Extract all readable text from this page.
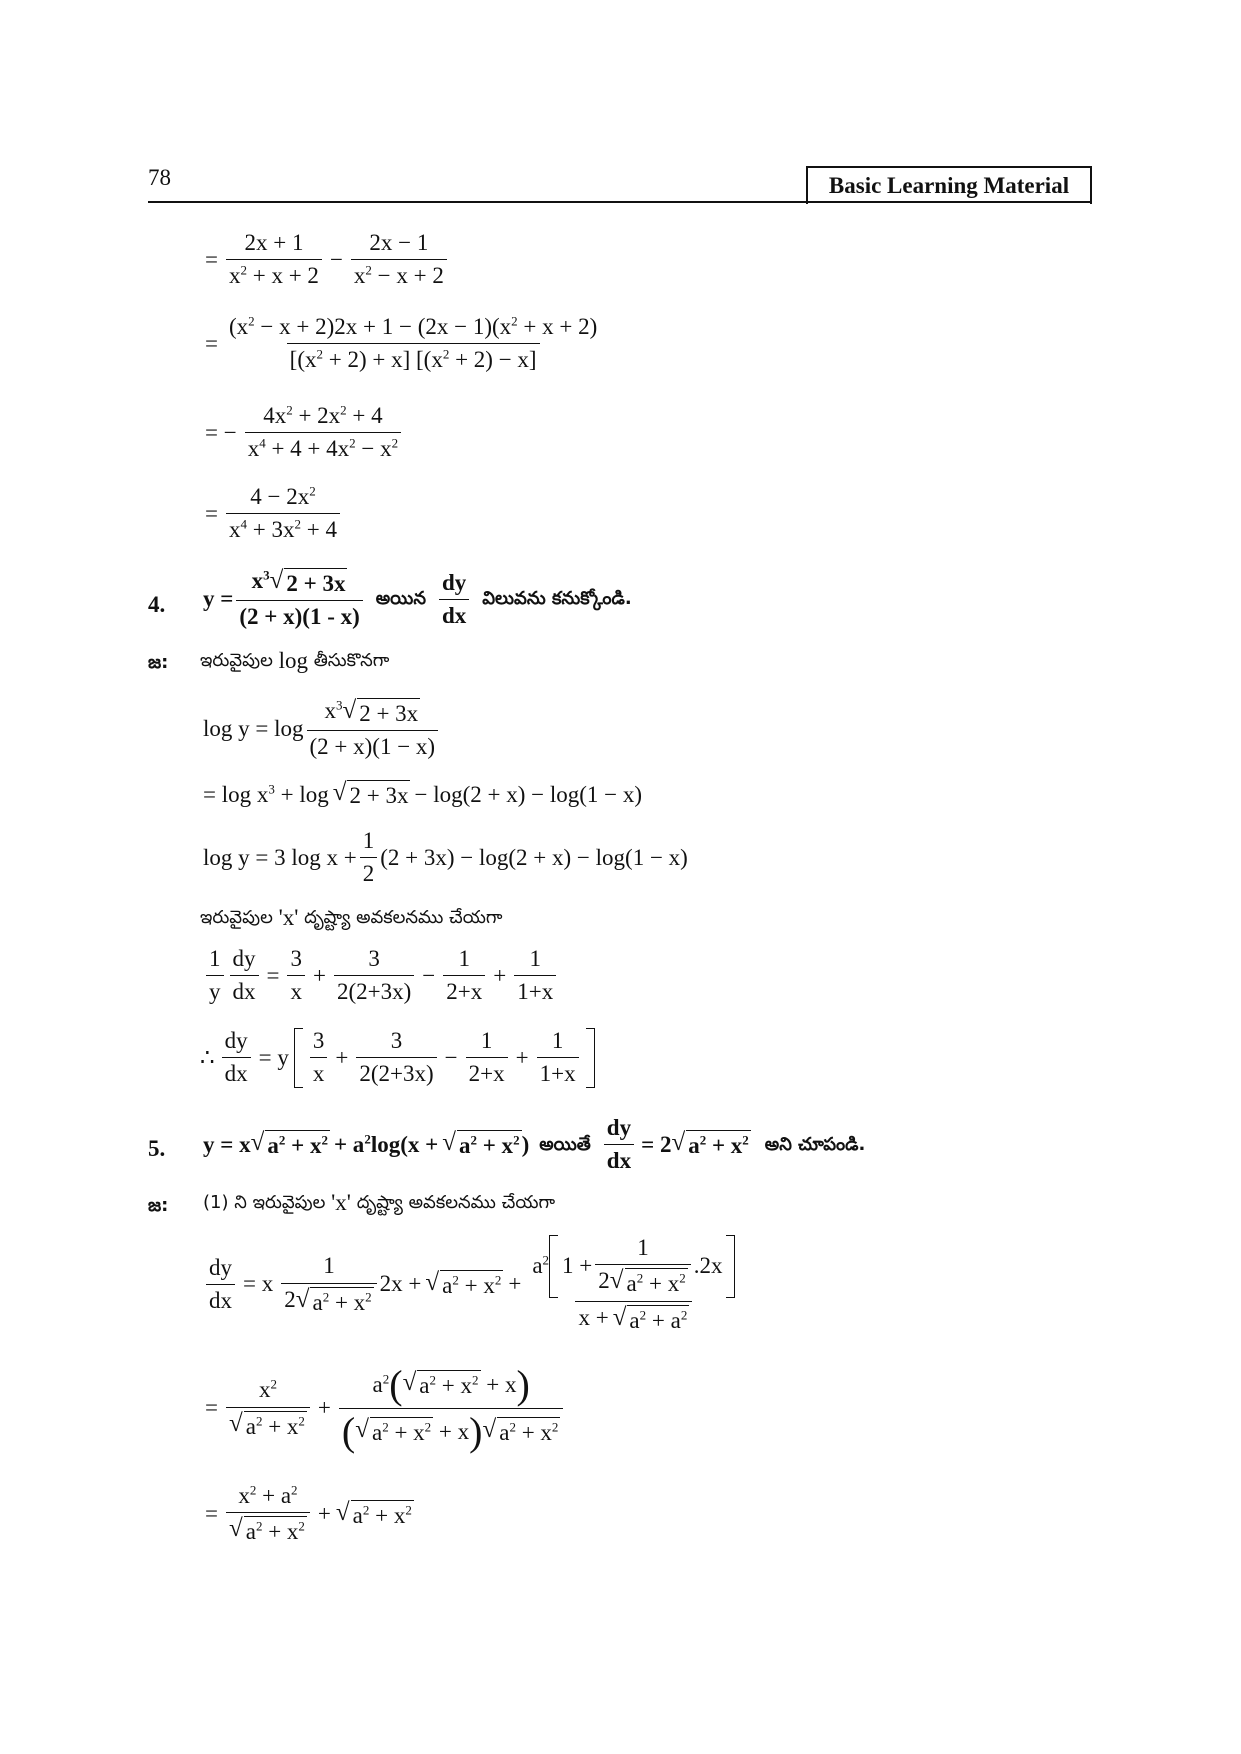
78	Basic Learning Material
= $\frac{2x + 1}{x^2 + x + 2} - \frac{2x - 1}{x^2 - x + 2}$
= $\frac{(x^2 - x + 2)2x + 1 - (2x - 1)(x^2 + x + 2)}{[(x^2 + 2) + x] [(x^2 + 2) - x]}$
= − $\frac{4x^2 + 2x^2 + 4}{x^4 + 4 + 4x^2 - x^2}$
= $\frac{4 - 2x^2}{x^4 + 3x^2 + 4}$
4. $y = \frac{x^3 √ 2 + 3x}{(2 + x)(1 - x)}$ అయిన $\frac{dy}{dx}$ విలువను కనుక్కోండి.
జ: ఇరువైపుల
log
తీసుకొనగా
$\log y = \log \frac{x^3 √ 2 + 3x}{(2 + x)(1 - x)}$
= $\log x^3 + \log$ √ 2 + 3x − log(2 + x) − log(1 − x)
log y = 3 $\log x + \frac{1}{2} (2 + 3x) - \log(2 + x) - \log(1 - x)$
ఇరువైపుల
'x'
దృష్ట్యా అవకలనము చేయగా
$\frac{1}{y} \frac{dy}{dx} = \frac{3}{x} + \frac{3}{2(2+3x)} - \frac{1}{2+x} + \frac{1}{1+x}$
∴ $\frac{dy}{dx} = y \frac{3}{x} + \frac{3}{2(2+3x)} - \frac{1}{2+x} + \frac{1}{1+x}$
5. y = x √ $a^2 + x^2 + a^2\log(x$ + √ $a^2 + x^2$ ) అయితే $\frac{dy}{dx} = 2$ √ $a^2 + x^2$ అని చూపండి.
జ: (1) ని ఇరువైపుల
'x'
దృష్ట్యా అవకలనము చేయగా
$\frac{dy}{dx} = x \frac{1}{2 √ a^2 + x^2} 2x$ + √ $a^2 + x^2$ +
$a^2$ $1 + \frac{1}{2 √ a^2 + x^2} .2x$
x + √ $a^2 + a^2$
= $\frac{x^2}{√ a^2 + x^2} + a^2$ ( √ $a^2 + x^2$
+ x )
( √ $a^2 + x^2$
+ x ) √ $a^2 + x^2$
= $\frac{x^2 + a^2}{√ a^2 + x^2}$ + √ $a^2 + x^2$
